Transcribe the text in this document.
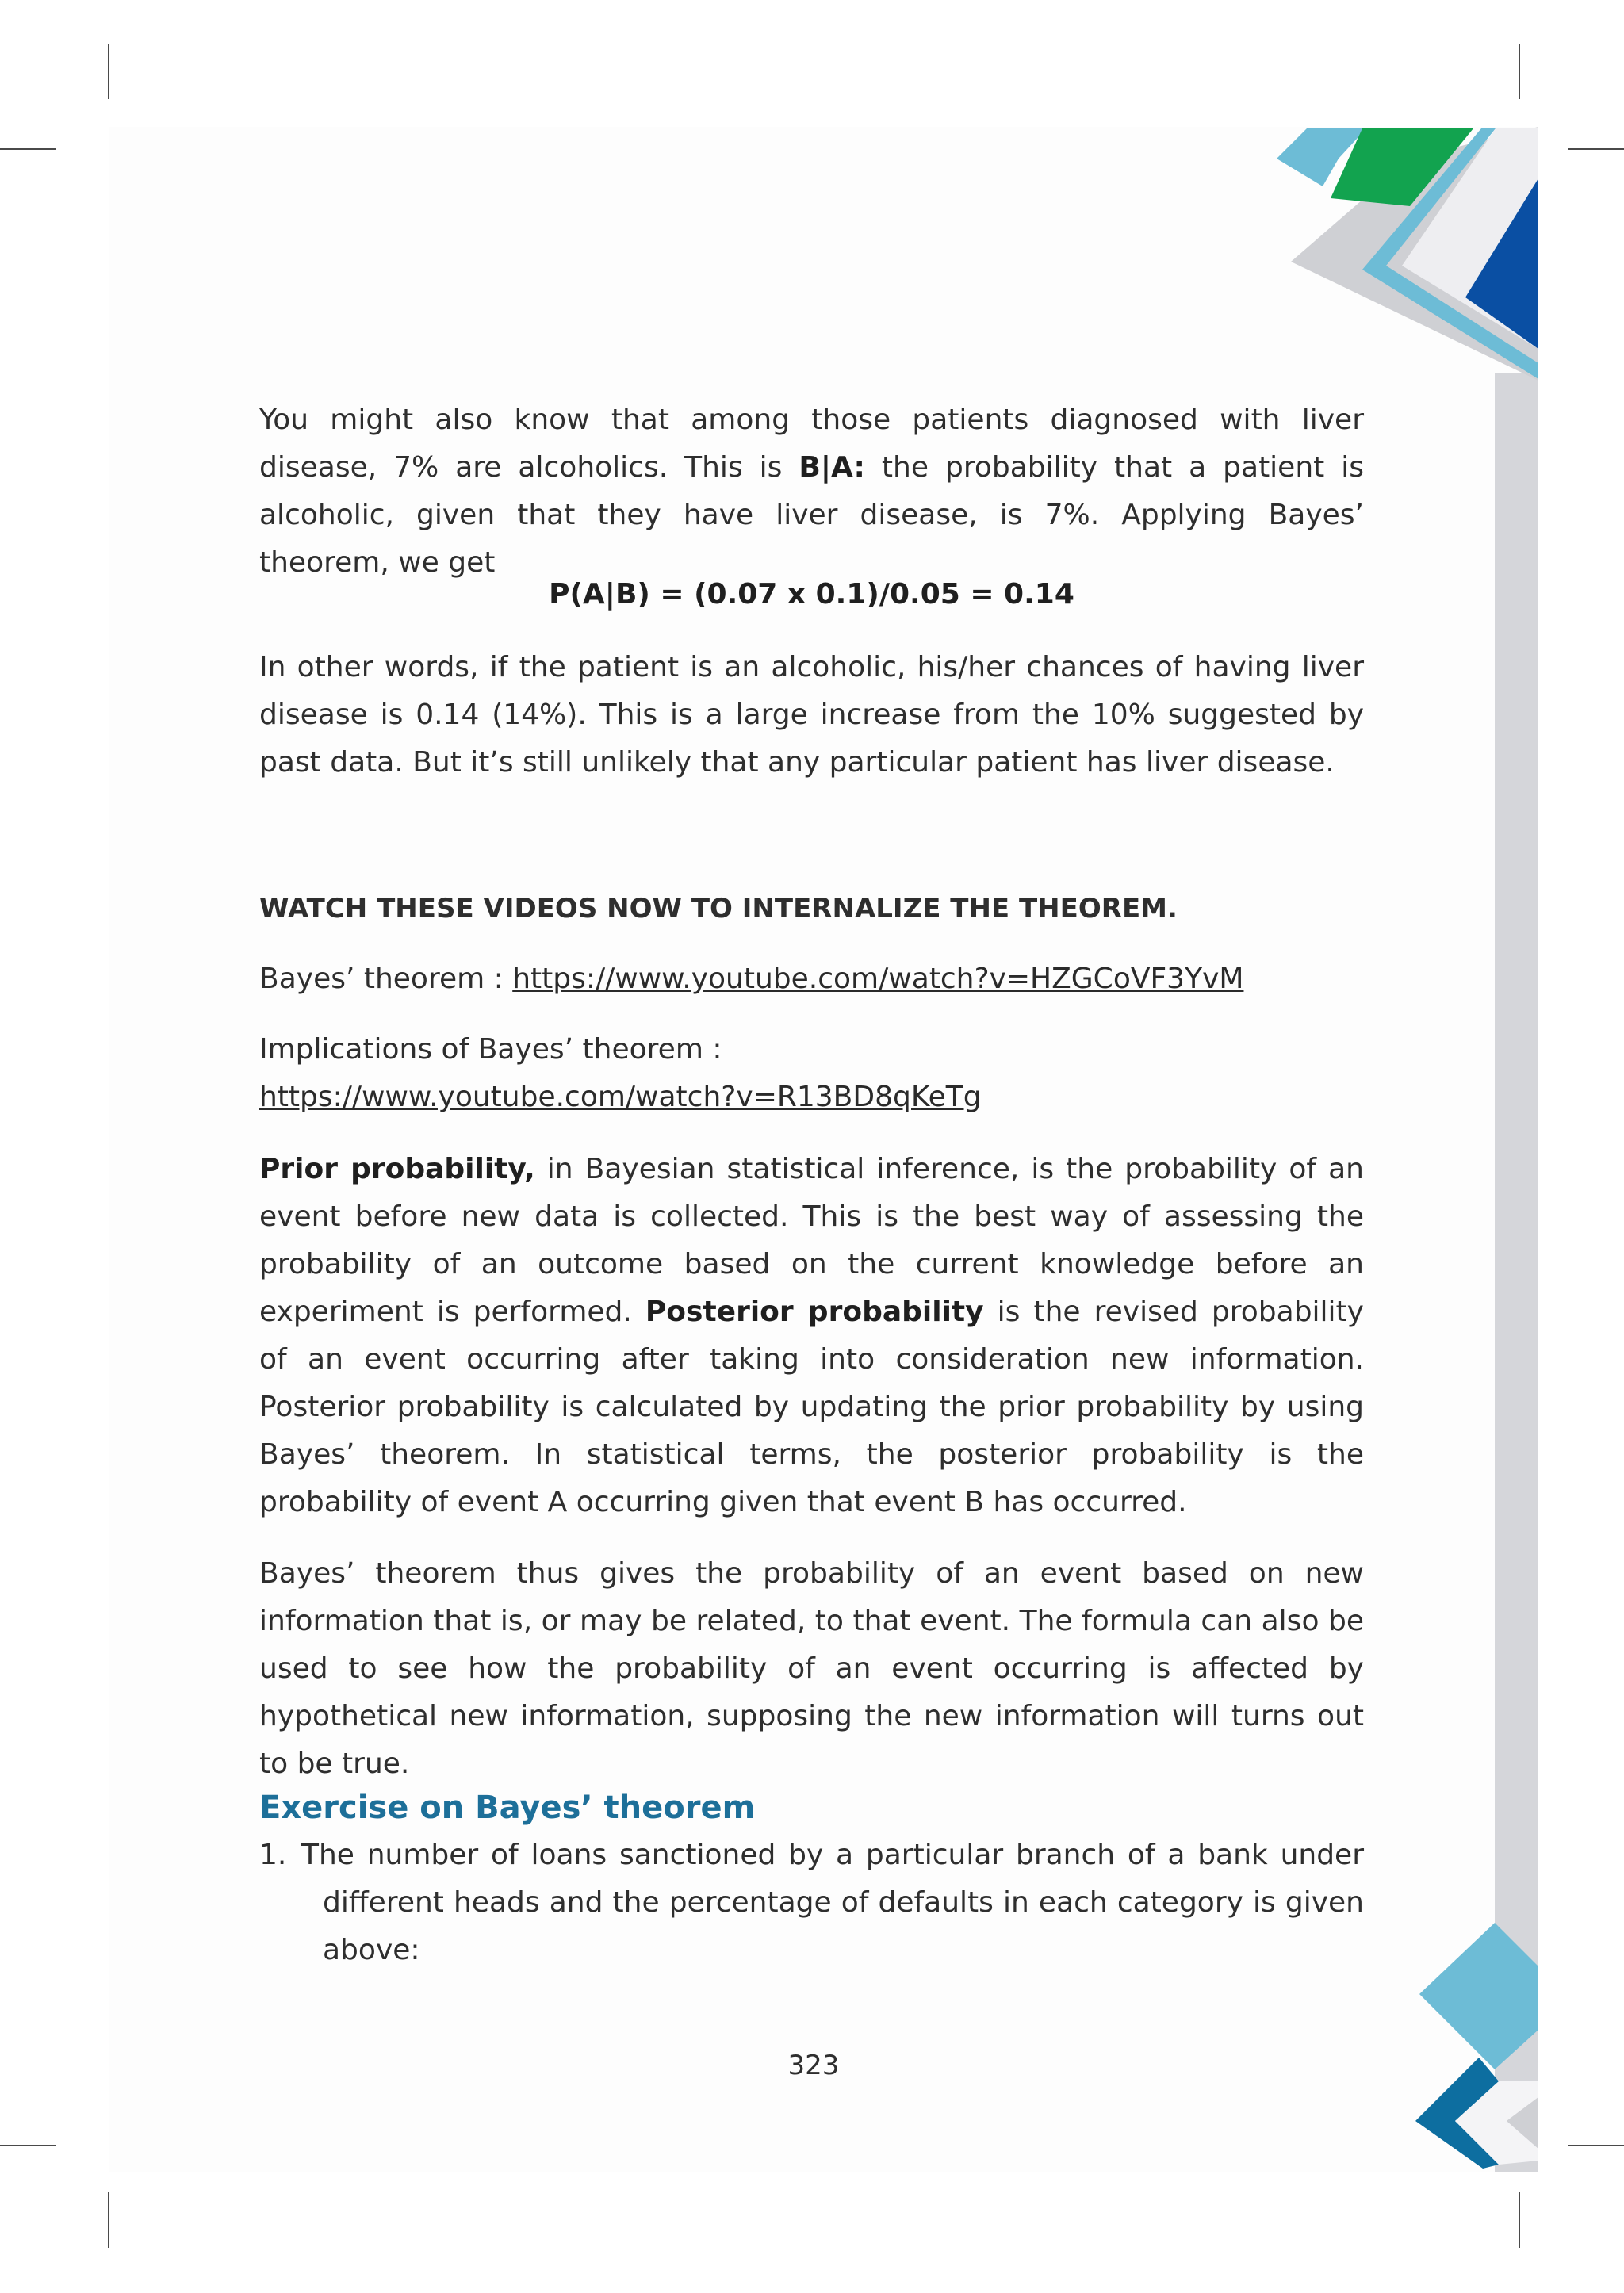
You might also know that among those patients diagnosed with liver disease, 7% are alcoholics. This is B|A: the probability that a patient is alcoholic, given that they have liver disease, is 7%. Applying Bayes’ theorem, we get

P(A|B) = (0.07 x 0.1)/0.05 = 0.14

In other words, if the patient is an alcoholic, his/her chances of having liver disease is 0.14 (14%). This is a large increase from the 10% suggested by past data. But it’s still unlikely that any particular patient has liver disease.

WATCH THESE VIDEOS NOW TO INTERNALIZE THE THEOREM.

Bayes’ theorem : https://www.youtube.com/watch?v=HZGCoVF3YvM

Implications of Bayes’ theorem :

https://www.youtube.com/watch?v=R13BD8qKeTg

Prior probability, in Bayesian statistical inference, is the probability of an event before new data is collected. This is the best way of assessing the probability of an outcome based on the current knowledge before an experiment is performed. Posterior probability is the revised probability of an event occurring after taking into consideration new information. Posterior probability is calculated by updating the prior probability by using Bayes’ theorem. In statistical terms, the posterior probability is the probability of event A occurring given that event B has occurred.

Bayes’ theorem thus gives the probability of an event based on new information that is, or may be related, to that event. The formula can also be used to see how the probability of an event occurring is affected by hypothetical new information, supposing the new information will turns out to be true.

Exercise on Bayes’ theorem
1. The number of loans sanctioned by a particular branch of a bank under
different heads and the percentage of defaults in each category is given above:
323
